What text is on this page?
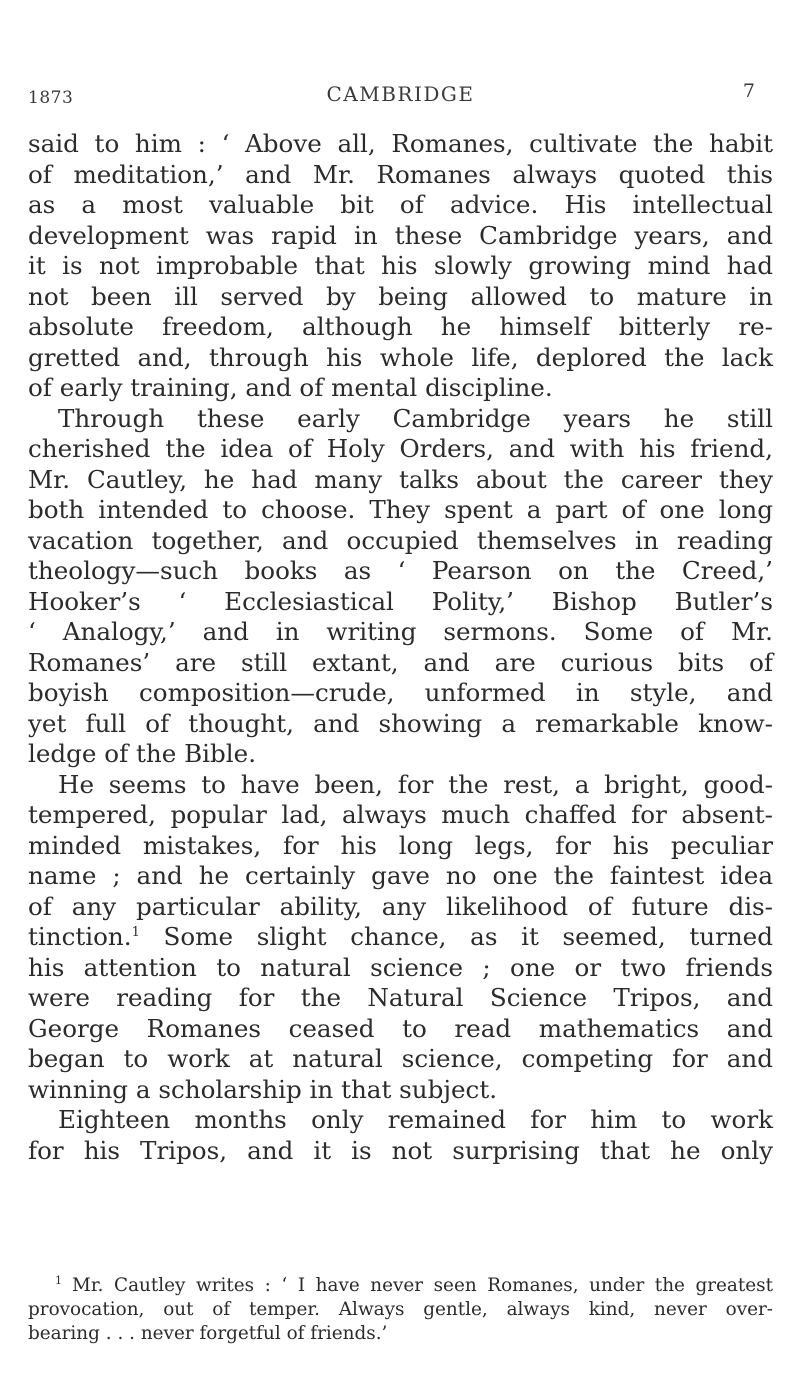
1873	CAMBRIDGE	7
said to him : ‘ Above all, Romanes, cultivate the habit
of meditation,’ and Mr. Romanes always quoted this
as a most valuable bit of advice. His intellectual
development was rapid in these Cambridge years, and
it is not improbable that his slowly growing mind had
not been ill served by being allowed to mature in
absolute freedom, although he himself bitterly re-
gretted and, through his whole life, deplored the lack
of early training, and of mental discipline.
Through these early Cambridge years he still
cherished the idea of Holy Orders, and with his friend,
Mr. Cautley, he had many talks about the career they
both intended to choose. They spent a part of one long
vacation together, and occupied themselves in reading
theology—such books as ‘ Pearson on the Creed,’
Hooker’s ‘ Ecclesiastical Polity,’ Bishop Butler’s
‘ Analogy,’ and in writing sermons. Some of Mr.
Romanes’ are still extant, and are curious bits of
boyish composition—crude, unformed in style, and
yet full of thought, and showing a remarkable know-
ledge of the Bible.
He seems to have been, for the rest, a bright, good-
tempered, popular lad, always much chaffed for absent-
minded mistakes, for his long legs, for his peculiar
name ; and he certainly gave no one the faintest idea
of any particular ability, any likelihood of future dis-
tinction.$^1$ Some slight chance, as it seemed, turned
his attention to natural science ; one or two friends
were reading for the Natural Science Tripos, and
George Romanes ceased to read mathematics and
began to work at natural science, competing for and
winning a scholarship in that subject.
Eighteen months only remained for him to work
for his Tripos, and it is not surprising that he only
$^1$ Mr. Cautley writes : ‘ I have never seen Romanes, under the greatest
provocation, out of temper. Always gentle, always kind, never over-
bearing . . . never forgetful of friends.’
